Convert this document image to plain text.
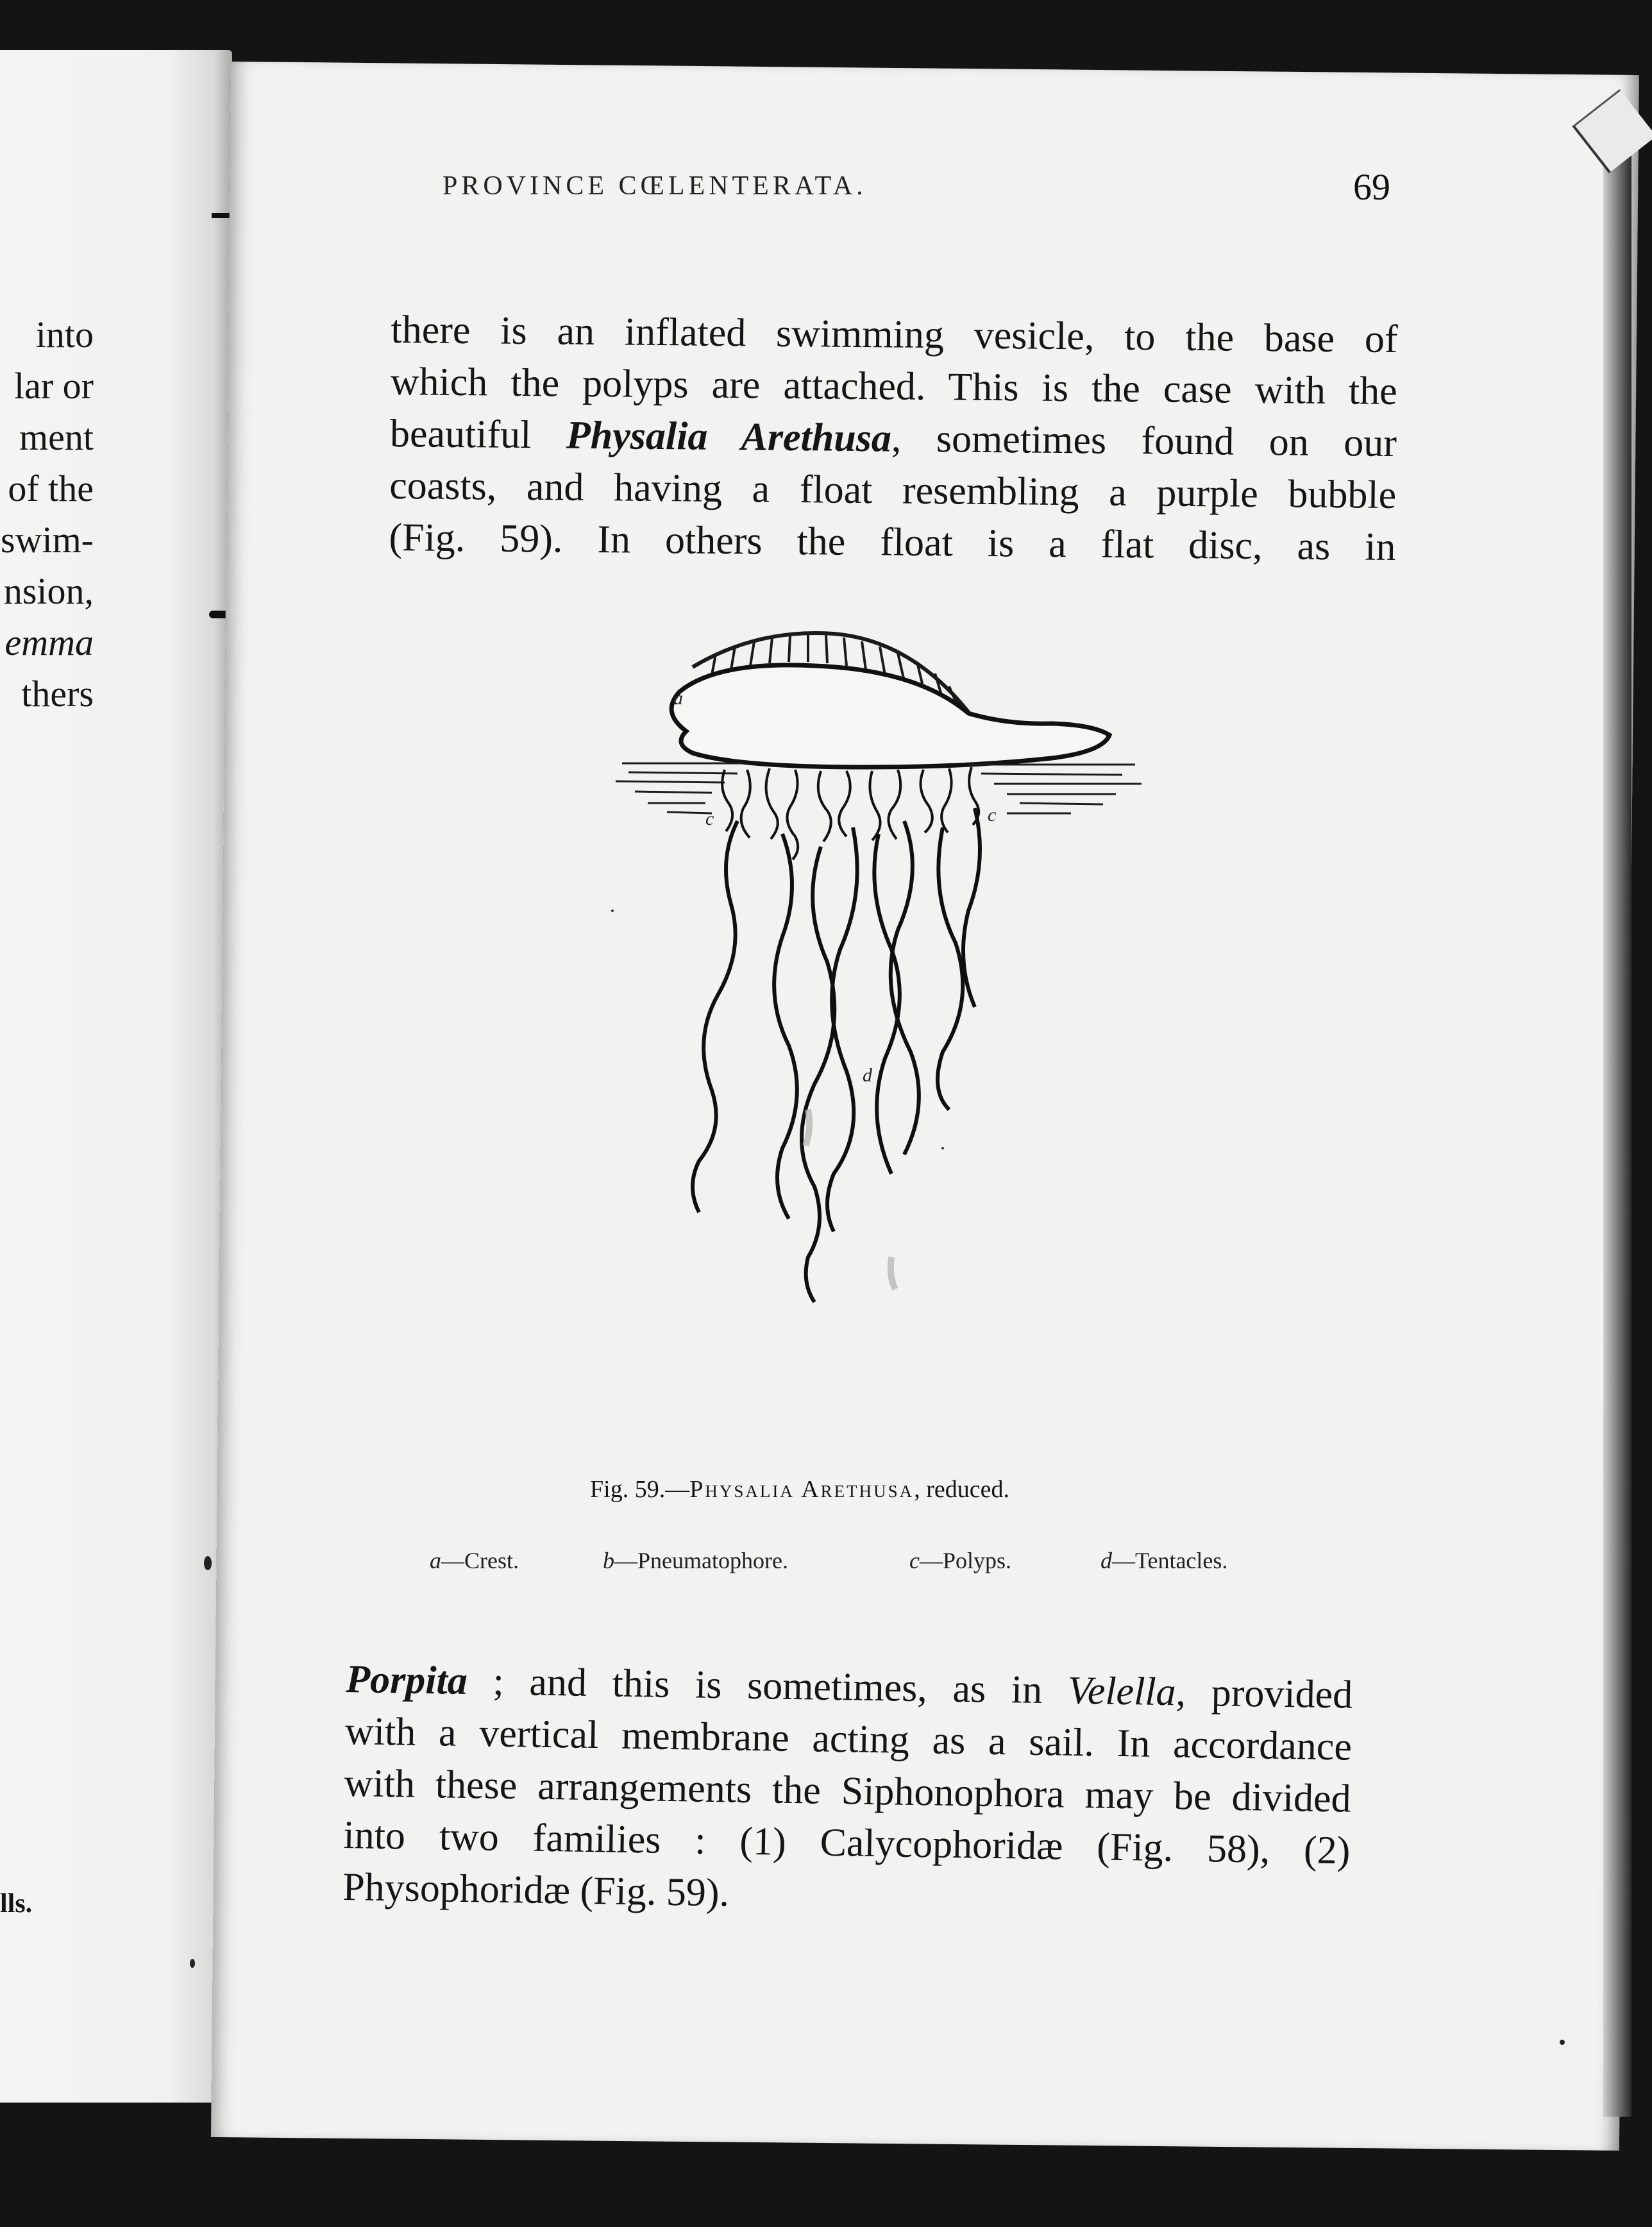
into
lar or
ment
of the
swim-
nsion,
emma
thers
lls.
PROVINCE CŒLENTERATA.	69
there is an inflated swimming vesicle, to the base of
which the polyps are attached. This is the case with the
beautiful Physalia Arethusa, sometimes found on our
coasts, and having a float resembling a purple bubble
(Fig. 59). In others the float is a flat disc, as in
a
c	c
d
Fig. 59.—Physalia Arethusa, reduced.
a—Crest.	b—Pneumatophore.	c—Polyps.	d—Tentacles.
Porpita ; and this is sometimes, as in Velella, provided
with a vertical membrane acting as a sail. In accordance
with these arrangements the Siphonophora may be divided
into two families : (1) Calycophoridæ (Fig. 58), (2)
Physophoridæ (Fig. 59).
